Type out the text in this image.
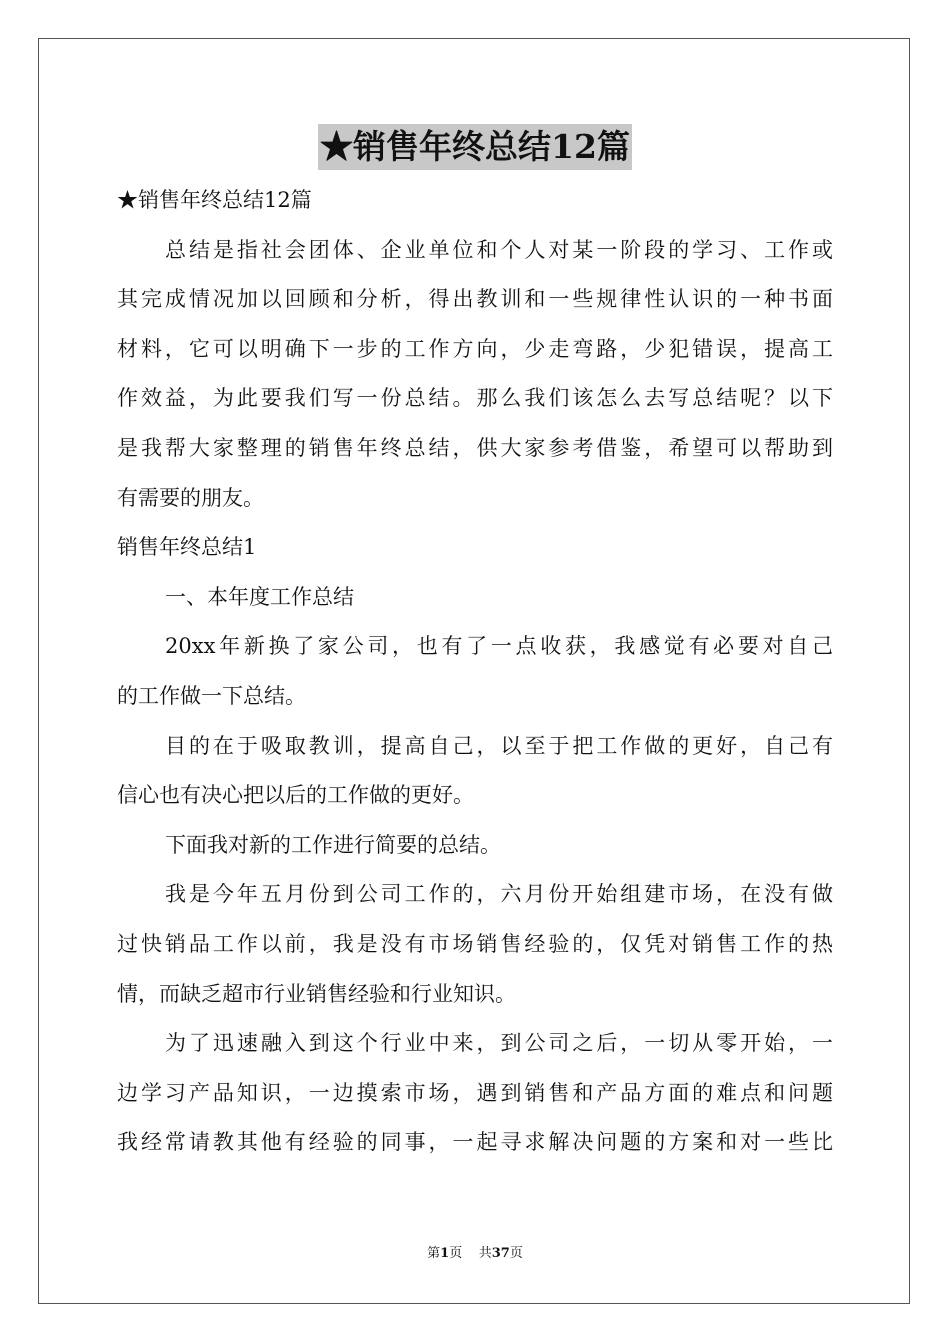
★销售年终总结12篇
★销售年终总结12篇
总结是指社会团体、企业单位和个人对某一阶段的学习、工作或
其完成情况加以回顾和分析，得出教训和一些规律性认识的一种书面
材料，它可以明确下一步的工作方向，少走弯路，少犯错误，提高工
作效益，为此要我们写一份总结。那么我们该怎么去写总结呢？以下
是我帮大家整理的销售年终总结，供大家参考借鉴，希望可以帮助到
有需要的朋友。
销售年终总结1
一、本年度工作总结
20xx年新换了家公司，也有了一点收获，我感觉有必要对自己
的工作做一下总结。
目的在于吸取教训，提高自己，以至于把工作做的更好，自己有
信心也有决心把以后的工作做的更好。
下面我对新的工作进行简要的总结。
我是今年五月份到公司工作的，六月份开始组建市场，在没有做
过快销品工作以前，我是没有市场销售经验的，仅凭对销售工作的热
情，而缺乏超市行业销售经验和行业知识。
为了迅速融入到这个行业中来，到公司之后，一切从零开始，一
边学习产品知识，一边摸索市场，遇到销售和产品方面的难点和问题
我经常请教其他有经验的同事，一起寻求解决问题的方案和对一些比
第1页 共37页
